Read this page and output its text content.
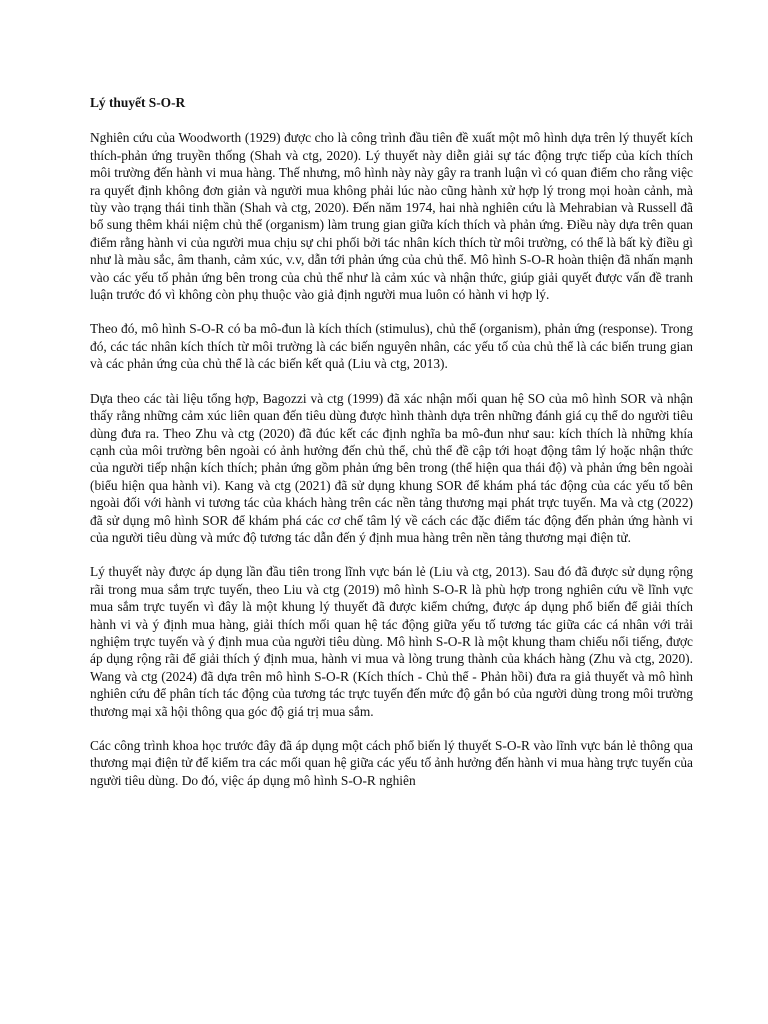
Lý thuyết S-O-R

Nghiên cứu của Woodworth (1929) được cho là công trình đầu tiên đề xuất một mô hình dựa trên lý thuyết kích thích-phản ứng truyền thống (Shah và ctg, 2020). Lý thuyết này diễn giải sự tác động trực tiếp của kích thích môi trường đến hành vi mua hàng. Thế nhưng, mô hình này này gây ra tranh luận vì có quan điểm cho rằng việc ra quyết định không đơn giản và người mua không phải lúc nào cũng hành xử hợp lý trong mọi hoàn cảnh, mà tùy vào trạng thái tinh thần (Shah và ctg, 2020). Đến năm 1974, hai nhà nghiên cứu là Mehrabian và Russell đã bổ sung thêm khái niệm chủ thể (organism) làm trung gian giữa kích thích và phản ứng. Điều này dựa trên quan điểm rằng hành vi của người mua chịu sự chi phối bởi tác nhân kích thích từ môi trường, có thể là bất kỳ điều gì như là màu sắc, âm thanh, cảm xúc, v.v, dẫn tới phản ứng của chủ thể. Mô hình S-O-R hoàn thiện đã nhấn mạnh vào các yếu tố phản ứng bên trong của chủ thể như là cảm xúc và nhận thức, giúp giải quyết được vấn đề tranh luận trước đó vì không còn phụ thuộc vào giả định người mua luôn có hành vi hợp lý.

Theo đó, mô hình S-O-R có ba mô-đun là kích thích (stimulus), chủ thể (organism), phản ứng (response). Trong đó, các tác nhân kích thích từ môi trường là các biến nguyên nhân, các yếu tố của chủ thể là các biến trung gian và các phản ứng của chủ thể là các biến kết quả (Liu và ctg, 2013).

Dựa theo các tài liệu tổng hợp, Bagozzi và ctg (1999) đã xác nhận mối quan hệ SO của mô hình SOR và nhận thấy rằng những cảm xúc liên quan đến tiêu dùng được hình thành dựa trên những đánh giá cụ thể do người tiêu dùng đưa ra. Theo Zhu và ctg (2020) đã đúc kết các định nghĩa ba mô-đun như sau: kích thích là những khía cạnh của môi trường bên ngoài có ảnh hưởng đến chủ thể, chủ thể đề cập tới hoạt động tâm lý hoặc nhận thức của người tiếp nhận kích thích; phản ứng gồm phản ứng bên trong (thể hiện qua thái độ) và phản ứng bên ngoài (biểu hiện qua hành vi). Kang và ctg (2021) đã sử dụng khung SOR để khám phá tác động của các yếu tố bên ngoài đối với hành vi tương tác của khách hàng trên các nền tảng thương mại phát trực tuyến. Ma và ctg (2022) đã sử dụng mô hình SOR để khám phá các cơ chế tâm lý về cách các đặc điểm tác động đến phản ứng hành vi của người tiêu dùng và mức độ tương tác dẫn đến ý định mua hàng trên nền tảng thương mại điện tử.

Lý thuyết này được áp dụng lần đầu tiên trong lĩnh vực bán lẻ (Liu và ctg, 2013). Sau đó đã được sử dụng rộng rãi trong mua sắm trực tuyến, theo Liu và ctg (2019) mô hình S-O-R là phù hợp trong nghiên cứu về lĩnh vực mua sắm trực tuyến vì đây là một khung lý thuyết đã được kiểm chứng, được áp dụng phổ biến để giải thích hành vi và ý định mua hàng, giải thích mối quan hệ tác động giữa yếu tố tương tác giữa các cá nhân với trải nghiệm trực tuyến và ý định mua của người tiêu dùng. Mô hình S-O-R là một khung tham chiếu nổi tiếng, được áp dụng rộng rãi để giải thích ý định mua, hành vi mua và lòng trung thành của khách hàng (Zhu và ctg, 2020). Wang và ctg (2024) đã dựa trên mô hình S-O-R (Kích thích - Chủ thể - Phản hồi) đưa ra giả thuyết và mô hình nghiên cứu để phân tích tác động của tương tác trực tuyến đến mức độ gắn bó của người dùng trong môi trường thương mại xã hội thông qua góc độ giá trị mua sắm.

Các công trình khoa học trước đây đã áp dụng một cách phổ biến lý thuyết S-O-R vào lĩnh vực bán lẻ thông qua thương mại điện tử để kiểm tra các mối quan hệ giữa các yếu tố ảnh hưởng đến hành vi mua hàng trực tuyến của người tiêu dùng. Do đó, việc áp dụng mô hình S-O-R nghiên
